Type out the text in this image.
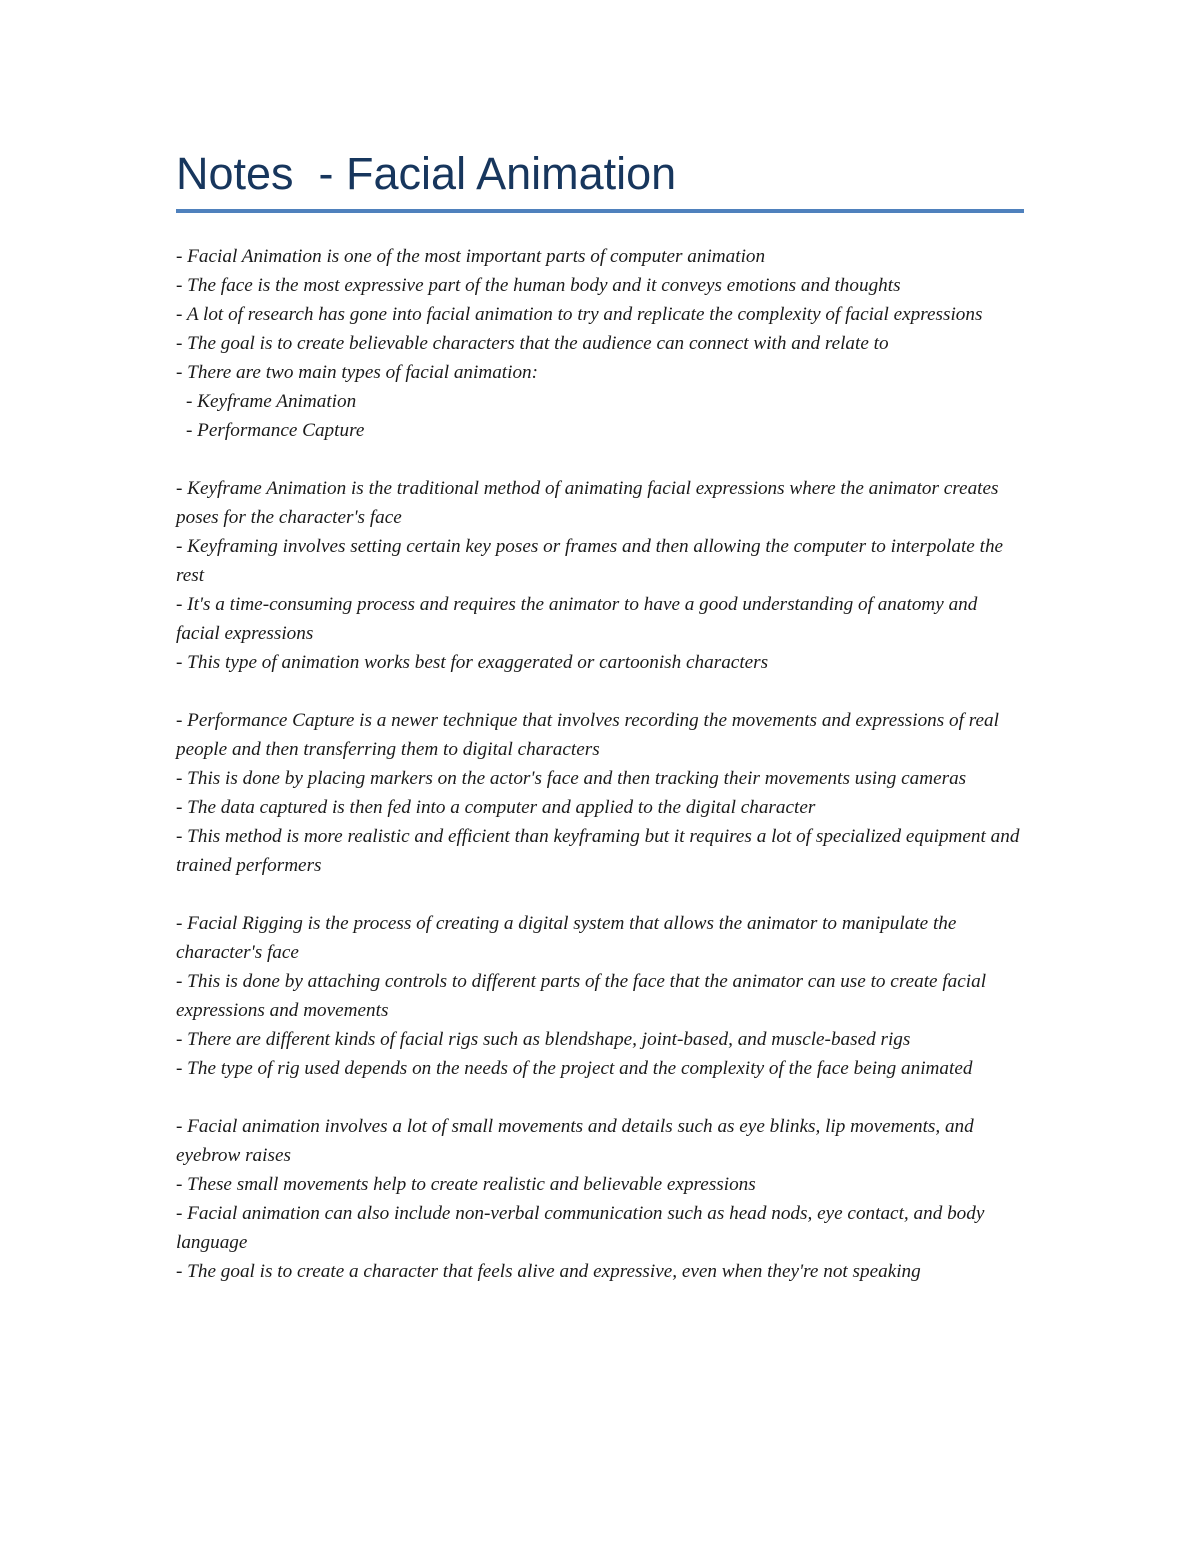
Notes  - Facial Animation
- Facial Animation is one of the most important parts of computer animation
- The face is the most expressive part of the human body and it conveys emotions and thoughts
- A lot of research has gone into facial animation to try and replicate the complexity of facial expressions
- The goal is to create believable characters that the audience can connect with and relate to
- There are two main types of facial animation:
- Keyframe Animation
- Performance Capture
- Keyframe Animation is the traditional method of animating facial expressions where the animator creates poses for the character's face
- Keyframing involves setting certain key poses or frames and then allowing the computer to interpolate the rest
- It's a time-consuming process and requires the animator to have a good understanding of anatomy and facial expressions
- This type of animation works best for exaggerated or cartoonish characters
- Performance Capture is a newer technique that involves recording the movements and expressions of real people and then transferring them to digital characters
- This is done by placing markers on the actor's face and then tracking their movements using cameras
- The data captured is then fed into a computer and applied to the digital character
- This method is more realistic and efficient than keyframing but it requires a lot of specialized equipment and trained performers
- Facial Rigging is the process of creating a digital system that allows the animator to manipulate the character's face
- This is done by attaching controls to different parts of the face that the animator can use to create facial expressions and movements
- There are different kinds of facial rigs such as blendshape, joint-based, and muscle-based rigs
- The type of rig used depends on the needs of the project and the complexity of the face being animated
- Facial animation involves a lot of small movements and details such as eye blinks, lip movements, and eyebrow raises
- These small movements help to create realistic and believable expressions
- Facial animation can also include non-verbal communication such as head nods, eye contact, and body language
- The goal is to create a character that feels alive and expressive, even when they're not speaking
